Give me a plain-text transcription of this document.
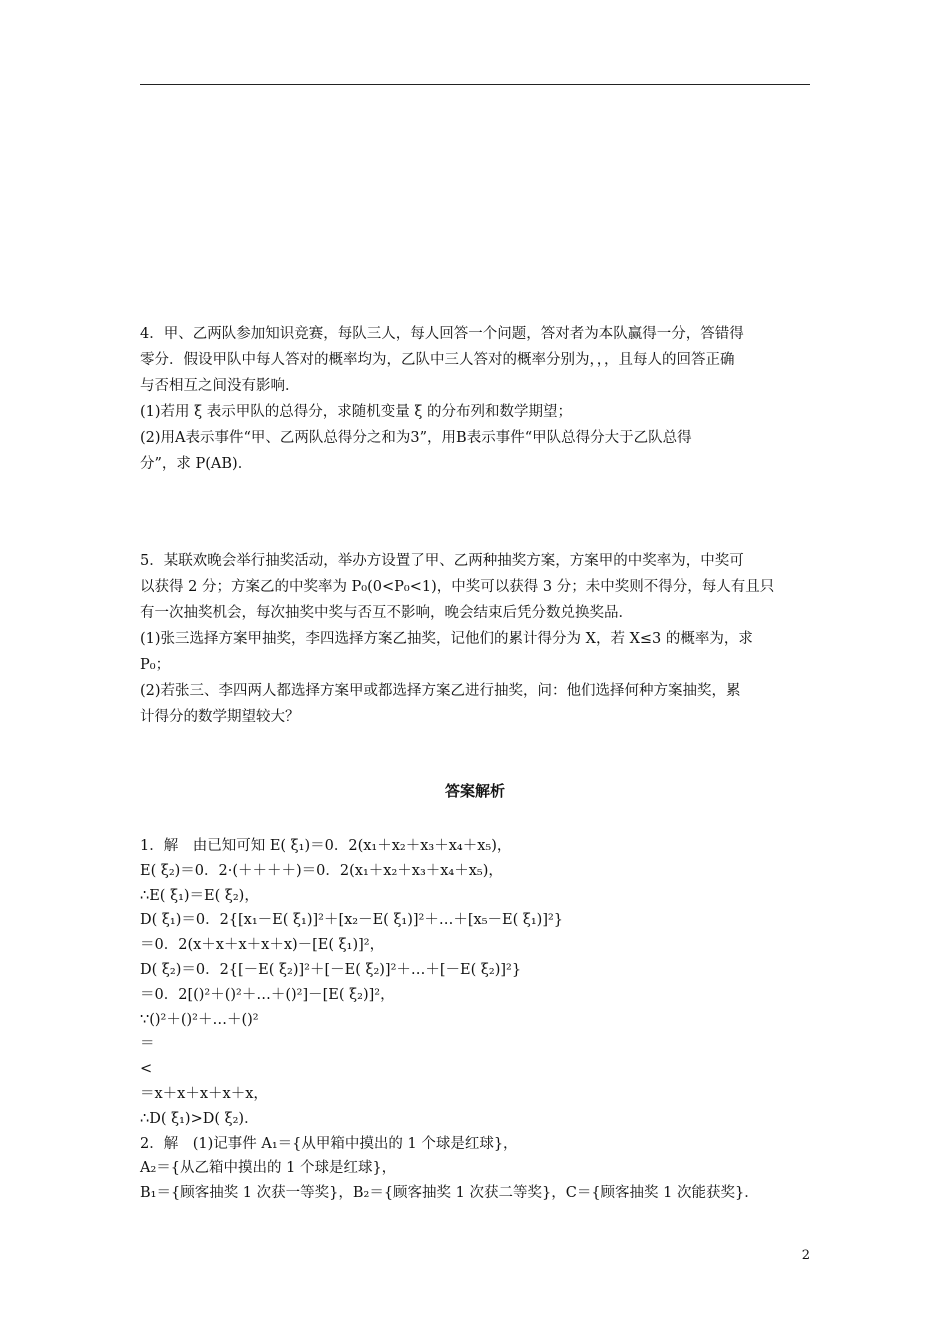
4．甲、乙两队参加知识竞赛，每队三人，每人回答一个问题，答对者为本队赢得一分，答错得

零分．假设甲队中每人答对的概率均为，乙队中三人答对的概率分别为，，，且每人的回答正确

与否相互之间没有影响．

(1)若用 ξ 表示甲队的总得分，求随机变量 ξ 的分布列和数学期望；

(2)用A表示事件“甲、乙两队总得分之和为3”，用B表示事件“甲队总得分大于乙队总得

分”，求 P(AB)．

5．某联欢晚会举行抽奖活动，举办方设置了甲、乙两种抽奖方案，方案甲的中奖率为，中奖可

以获得 2 分；方案乙的中奖率为 P₀(0<P₀<1)，中奖可以获得 3 分；未中奖则不得分，每人有且只

有一次抽奖机会，每次抽奖中奖与否互不影响，晚会结束后凭分数兑换奖品．

(1)张三选择方案甲抽奖，李四选择方案乙抽奖，记他们的累计得分为 X，若 X≤3 的概率为，求

P₀；

(2)若张三、李四两人都选择方案甲或都选择方案乙进行抽奖，问：他们选择何种方案抽奖，累

计得分的数学期望较大？

答案解析

1．解　由已知可知 E( ξ₁)＝0．2(x₁＋x₂＋x₃＋x₄＋x₅)，

E( ξ₂)＝0．2·(＋＋＋＋)＝0．2(x₁＋x₂＋x₃＋x₄＋x₅)，

∴E( ξ₁)＝E( ξ₂)，

D( ξ₁)＝0．2{[x₁－E( ξ₁)]²＋[x₂－E( ξ₁)]²＋…＋[x₅－E( ξ₁)]²}

＝0．2(x＋x＋x＋x＋x)－[E( ξ₁)]²，

D( ξ₂)＝0．2{[－E( ξ₂)]²＋[－E( ξ₂)]²＋…＋[－E( ξ₂)]²}

＝0．2[()²＋()²＋…＋()²]－[E( ξ₂)]²，

∵()²＋()²＋…＋()²

＝

<

＝x＋x＋x＋x＋x，

∴D( ξ₁)>D( ξ₂)．

2．解　(1)记事件 A₁＝{从甲箱中摸出的 1 个球是红球}，

A₂＝{从乙箱中摸出的 1 个球是红球}，

B₁＝{顾客抽奖 1 次获一等奖}，B₂＝{顾客抽奖 1 次获二等奖}，C＝{顾客抽奖 1 次能获奖}．

2
